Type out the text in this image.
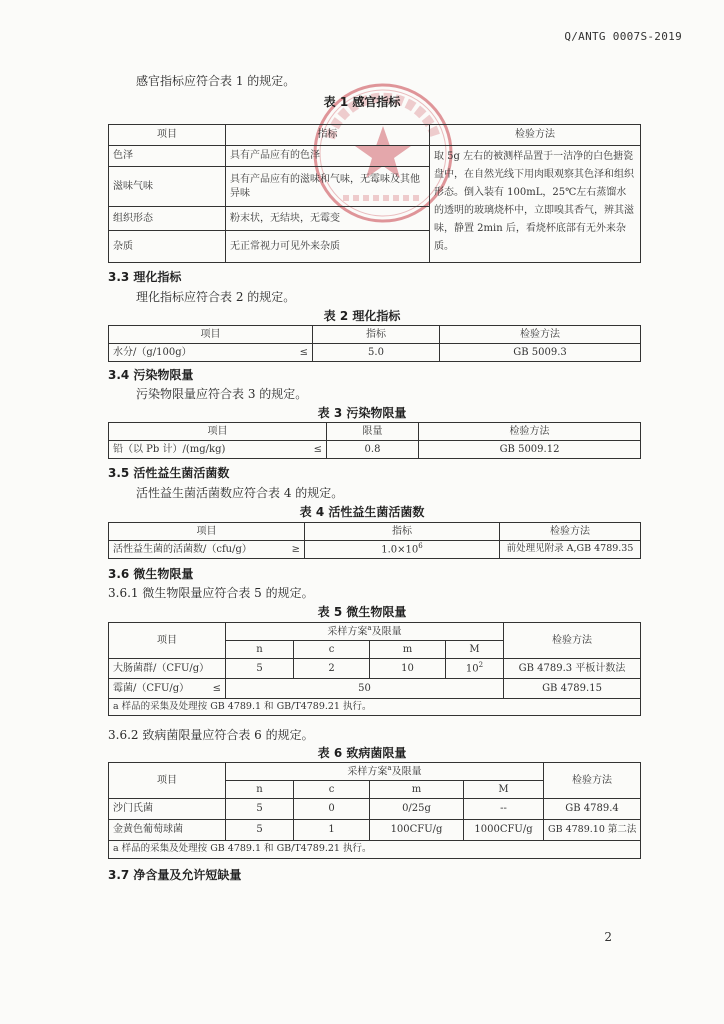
Q/ANTG 0007S-2019
感官指标应符合表 1 的规定。
表 1 感官指标
项目	指标	检验方法
色泽	具有产品应有的色泽	取 5g 左右的被测样品置于一洁净的白色搪瓷盘中，在自然光线下用肉眼观察其色泽和组织形态。倒入装有 100mL，25℃左右蒸馏水的透明的玻璃烧杯中，立即嗅其香气，辨其滋味，静置 2min 后，看烧杯底部有无外来杂质。
滋味气味	具有产品应有的滋味和气味，无霉味及其他异味	
组织形态	粉末状，无结块，无霉变	
杂质	无正常视力可见外来杂质	
3.3 理化指标
理化指标应符合表 2 的规定。
表 2 理化指标
项目	指标	检验方法

水分/（g/100g） ≤	5.0	GB 5009.3
3.4 污染物限量
污染物限量应符合表 3 的规定。
表 3 污染物限量
项目	限量	检验方法

铅（以 Pb 计）/(mg/kg) ≤	0.8	GB 5009.12
3.5 活性益生菌活菌数
活性益生菌活菌数应符合表 4 的规定。
表 4 活性益生菌活菌数
项目	指标	检验方法

活性益生菌的活菌数/（cfu/g） ≥	$1.0\times 10^6$	前处理见附录 A,GB 4789.35
3.6 微生物限量
3.6.1 微生物限量应符合表 5 的规定。
表 5 微生物限量
项目	采样方案$^a$及限量				检验方法
	n	c	m	M	
大肠菌群/（CFU/g）	5	2	10	$10^2$	GB 4789.3 平板计数法

霉菌/（CFU/g） ≤	50				GB 4789.15
a 样品的采集及处理按 GB 4789.1 和 GB/T4789.21 执行。					
3.6.2 致病菌限量应符合表 6 的规定。
表 6 致病菌限量
项目	采样方案$^a$及限量				检验方法
	n	c	m	M	
沙门氏菌	5	0	0/25g	--	GB 4789.4
金黄色葡萄球菌	5	1	100CFU/g	1000CFU/g	GB 4789.10 第二法
a 样品的采集及处理按 GB 4789.1 和 GB/T4789.21 执行。					
3.7 净含量及允许短缺量
2
